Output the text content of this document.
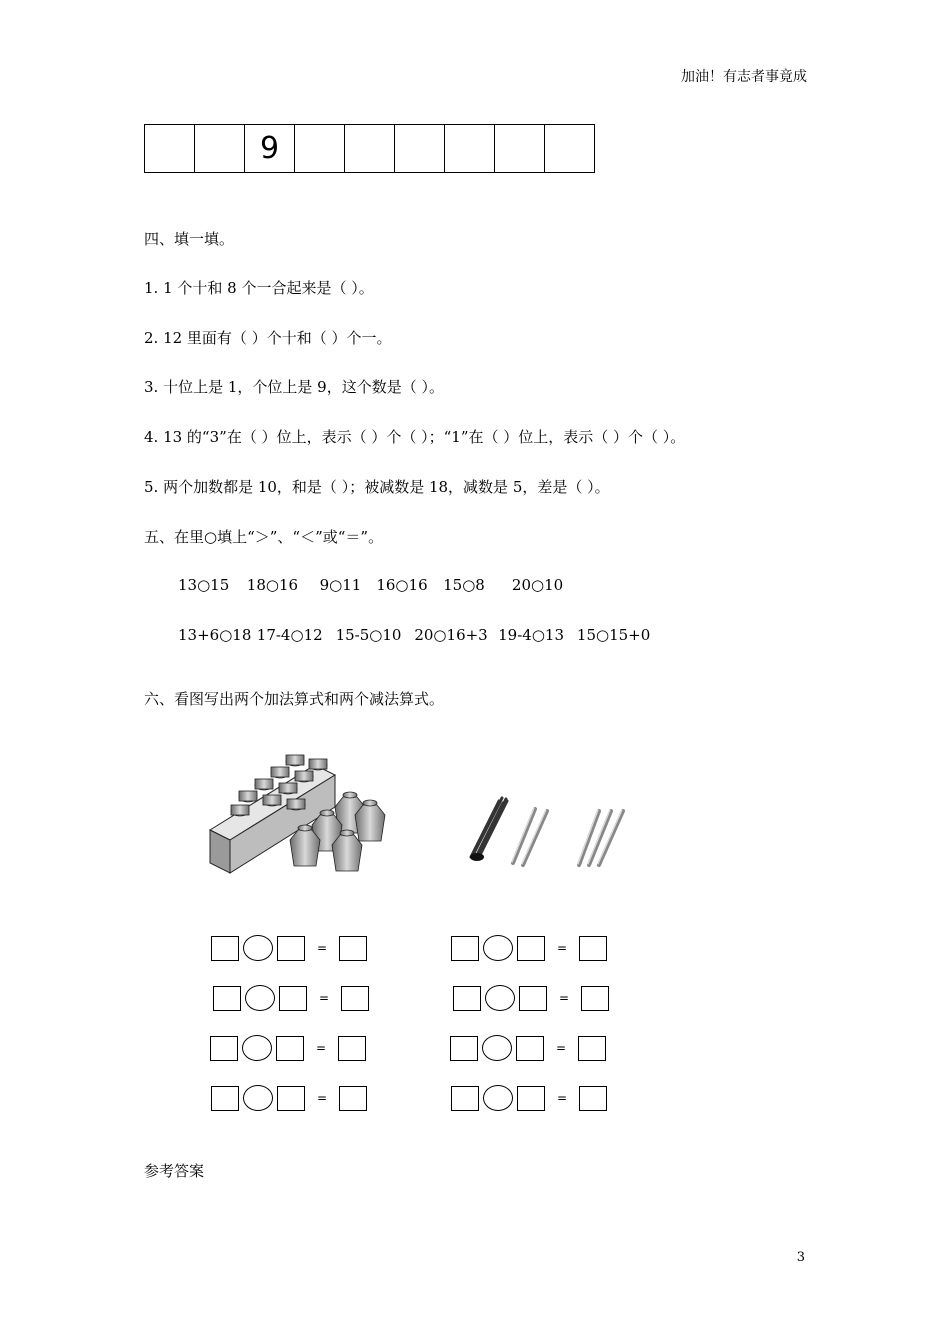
加油！有志者事竟成
9
四、填一填。
1. 1 个十和 8 个一合起来是（ ）。
2. 12 里面有（ ）个十和（ ）个一。
3. 十位上是 1，个位上是 9，这个数是（ ）。
4. 13 的“3”在（ ）位上，表示（ ）个（ ）；“1”在（ ）位上，表示（ ）个（ ）。
5. 两个加数都是 10，和是（ ）；被减数是 18，减数是 5，差是（ ）。
五、在里○填上“＞”、“＜”或“＝”。
13○15 18○16 9○11 16○16 15○8 20○10
13+6○18 17-4○12 15-5○10 20○16+3 19-4○13 15○15+0
六、看图写出两个加法算式和两个减法算式。
=	=
=	=
=	=
=	=
参考答案
3
